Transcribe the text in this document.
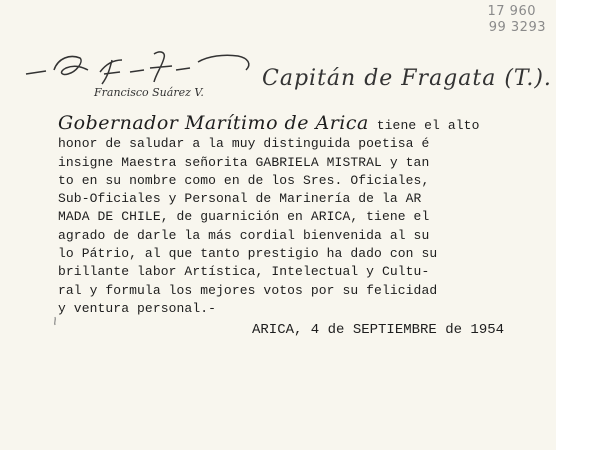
17 960
99 3293
Francisco Suárez V.
Capitán de Fragata (T.).
Gobernador Marítimo de Arica tiene el alto
honor de saludar a la muy distinguida poetisa é
insigne Maestra señorita GABRIELA MISTRAL y tan
to en su nombre como en de los Sres. Oficiales,
Sub-Oficiales y Personal de Marinería de la AR
MADA DE CHILE, de guarnición en ARICA, tiene el
agrado de darle la más cordial bienvenida al su
lo Pátrio, al que tanto prestigio ha dado con su
brillante labor Artística, Intelectual y Cultu-
ral y formula los mejores votos por su felicidad
y ventura personal.-
ARICA, 4 de SEPTIEMBRE de 1954
